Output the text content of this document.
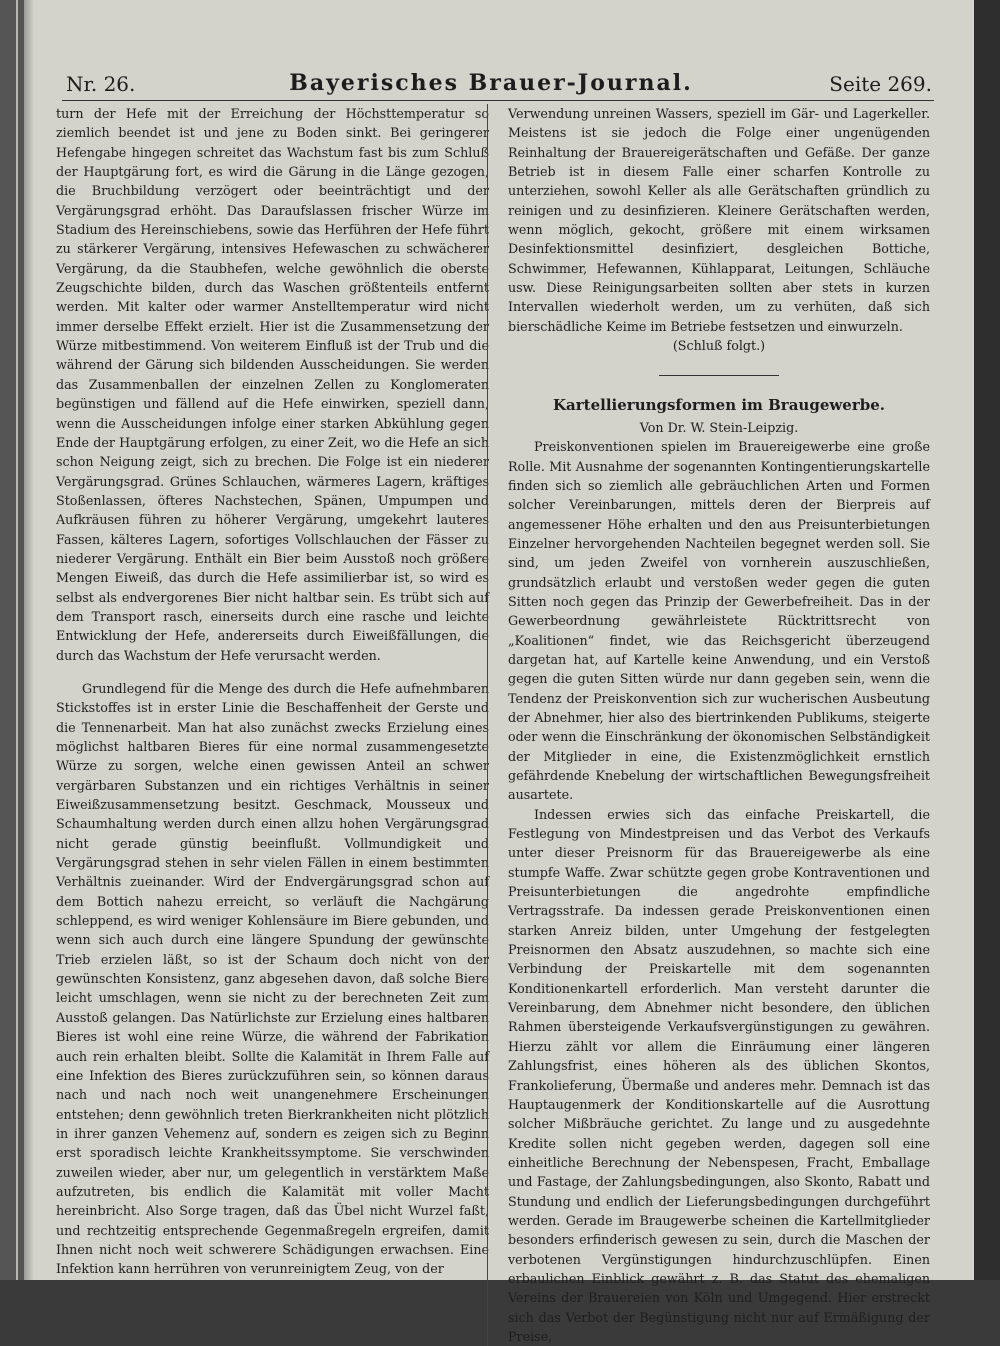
Nr. 26.	Bayerisches Brauer-Journal.	Seite 269.

turn der Hefe mit der Erreichung der Höchsttemperatur so ziemlich beendet ist und jene zu Boden sinkt. Bei geringerer Hefengabe hingegen schreitet das Wachstum fast bis zum Schluß der Hauptgärung fort, es wird die Gärung in die Länge gezogen, die Bruchbildung verzögert oder beeinträchtigt und der Vergärungsgrad erhöht. Das Daraufslassen frischer Würze im Stadium des Hereinschiebens, sowie das Herführen der Hefe führt zu stärkerer Vergärung, intensives Hefewaschen zu schwächerer Vergärung, da die Staubhefen, welche gewöhnlich die oberste Zeugschichte bilden, durch das Waschen größtenteils entfernt werden. Mit kalter oder warmer Anstelltemperatur wird nicht immer derselbe Effekt erzielt. Hier ist die Zusammensetzung der Würze mitbestimmend. Von weiterem Einfluß ist der Trub und die während der Gärung sich bildenden Ausscheidungen. Sie werden das Zusammenballen der einzelnen Zellen zu Konglomeraten begünstigen und fällend auf die Hefe einwirken, speziell dann, wenn die Ausscheidungen infolge einer starken Abkühlung gegen Ende der Hauptgärung erfolgen, zu einer Zeit, wo die Hefe an sich schon Neigung zeigt, sich zu brechen. Die Folge ist ein niederer Vergärungsgrad. Grünes Schlauchen, wärmeres Lagern, kräftiges Stoßenlassen, öfteres Nachstechen, Spänen, Umpumpen und Aufkräusen führen zu höherer Vergärung, umgekehrt lauteres Fassen, kälteres Lagern, sofortiges Vollschlauchen der Fässer zu niederer Vergärung. Enthält ein Bier beim Ausstoß noch größere Mengen Eiweiß, das durch die Hefe assimilierbar ist, so wird es selbst als endvergorenes Bier nicht haltbar sein. Es trübt sich auf dem Transport rasch, einerseits durch eine rasche und leichte Entwicklung der Hefe, andererseits durch Eiweißfällungen, die durch das Wachstum der Hefe verursacht werden.

Grundlegend für die Menge des durch die Hefe aufnehmbaren Stickstoffes ist in erster Linie die Beschaffenheit der Gerste und die Tennenarbeit. Man hat also zunächst zwecks Erzielung eines möglichst haltbaren Bieres für eine normal zusammengesetzte Würze zu sorgen, welche einen gewissen Anteil an schwer vergärbaren Substanzen und ein richtiges Verhältnis in seiner Eiweißzusammensetzung besitzt. Geschmack, Mousseux und Schaumhaltung werden durch einen allzu hohen Vergärungsgrad nicht gerade günstig beeinflußt. Vollmundigkeit und Vergärungsgrad stehen in sehr vielen Fällen in einem bestimmten Verhältnis zueinander. Wird der Endvergärungsgrad schon auf dem Bottich nahezu erreicht, so verläuft die Nachgärung schleppend, es wird weniger Kohlensäure im Biere gebunden, und wenn sich auch durch eine längere Spundung der gewünschte Trieb erzielen läßt, so ist der Schaum doch nicht von der gewünschten Konsistenz, ganz abgesehen davon, daß solche Biere leicht umschlagen, wenn sie nicht zu der berechneten Zeit zum Ausstoß gelangen. Das Natürlichste zur Erzielung eines haltbaren Bieres ist wohl eine reine Würze, die während der Fabrikation auch rein erhalten bleibt. Sollte die Kalamität in Ihrem Falle auf eine Infektion des Bieres zurückzuführen sein, so können daraus nach und nach noch weit unangenehmere Erscheinungen entstehen; denn gewöhnlich treten Bierkrankheiten nicht plötzlich in ihrer ganzen Vehemenz auf, sondern es zeigen sich zu Beginn erst sporadisch leichte Krankheitssymptome. Sie verschwinden zuweilen wieder, aber nur, um gelegentlich in verstärktem Maße aufzutreten, bis endlich die Kalamität mit voller Macht hereinbricht. Also Sorge tragen, daß das Übel nicht Wurzel faßt, und rechtzeitig entsprechende Gegenmaßregeln ergreifen, damit Ihnen nicht noch weit schwerere Schädigungen erwachsen. Eine Infektion kann herrühren von verunreinigtem Zeug, von der

Verwendung unreinen Wassers, speziell im Gär- und Lagerkeller. Meistens ist sie jedoch die Folge einer ungenügenden Reinhaltung der Brauereigerätschaften und Gefäße. Der ganze Betrieb ist in diesem Falle einer scharfen Kontrolle zu unterziehen, sowohl Keller als alle Gerätschaften gründlich zu reinigen und zu desinfizieren. Kleinere Gerätschaften werden, wenn möglich, gekocht, größere mit einem wirksamen Desinfektionsmittel desinfiziert, desgleichen Bottiche, Schwimmer, Hefewannen, Kühlapparat, Leitungen, Schläuche usw. Diese Reinigungsarbeiten sollten aber stets in kurzen Intervallen wiederholt werden, um zu verhüten, daß sich bierschädliche Keime im Betriebe festsetzen und einwurzeln.

(Schluß folgt.)

Kartellierungsformen im Braugewerbe.

Von Dr. W. Stein-Leipzig.

Preiskonventionen spielen im Brauereigewerbe eine große Rolle. Mit Ausnahme der sogenannten Kontingentierungskartelle finden sich so ziemlich alle gebräuchlichen Arten und Formen solcher Vereinbarungen, mittels deren der Bierpreis auf angemessener Höhe erhalten und den aus Preisunterbietungen Einzelner hervorgehenden Nachteilen begegnet werden soll. Sie sind, um jeden Zweifel von vornherein auszuschließen, grundsätzlich erlaubt und verstoßen weder gegen die guten Sitten noch gegen das Prinzip der Gewerbefreiheit. Das in der Gewerbeordnung gewährleistete Rücktrittsrecht von „Koalitionen“ findet, wie das Reichsgericht überzeugend dargetan hat, auf Kartelle keine Anwendung, und ein Verstoß gegen die guten Sitten würde nur dann gegeben sein, wenn die Tendenz der Preiskonvention sich zur wucherischen Ausbeutung der Abnehmer, hier also des biertrinkenden Publikums, steigerte oder wenn die Einschränkung der ökonomischen Selbständigkeit der Mitglieder in eine, die Existenzmöglichkeit ernstlich gefährdende Knebelung der wirtschaftlichen Bewegungsfreiheit ausartete.

Indessen erwies sich das einfache Preiskartell, die Festlegung von Mindestpreisen und das Verbot des Verkaufs unter dieser Preisnorm für das Brauereigewerbe als eine stumpfe Waffe. Zwar schützte gegen grobe Kontraventionen und Preisunterbietungen die angedrohte empfindliche Vertragsstrafe. Da indessen gerade Preiskonventionen einen starken Anreiz bilden, unter Umgehung der festgelegten Preisnormen den Absatz auszudehnen, so machte sich eine Verbindung der Preiskartelle mit dem sogenannten Konditionenkartell erforderlich. Man versteht darunter die Vereinbarung, dem Abnehmer nicht besondere, den üblichen Rahmen übersteigende Verkaufsvergünstigungen zu gewähren. Hierzu zählt vor allem die Einräumung einer längeren Zahlungsfrist, eines höheren als des üblichen Skontos, Frankolieferung, Übermaße und anderes mehr. Demnach ist das Hauptaugenmerk der Konditionskartelle auf die Ausrottung solcher Mißbräuche gerichtet. Zu lange und zu ausgedehnte Kredite sollen nicht gegeben werden, dagegen soll eine einheitliche Berechnung der Nebenspesen, Fracht, Emballage und Fastage, der Zahlungsbedingungen, also Skonto, Rabatt und Stundung und endlich der Lieferungsbedingungen durchgeführt werden. Gerade im Braugewerbe scheinen die Kartellmitglieder besonders erfinderisch gewesen zu sein, durch die Maschen der verbotenen Vergünstigungen hindurchzuschlüpfen. Einen erbaulichen Einblick gewährt z. B. das Statut des ehemaligen Vereins der Brauereien von Köln und Umgegend. Hier erstreckt sich das Verbot der Begünstigung nicht nur auf Ermäßigung der Preise,
